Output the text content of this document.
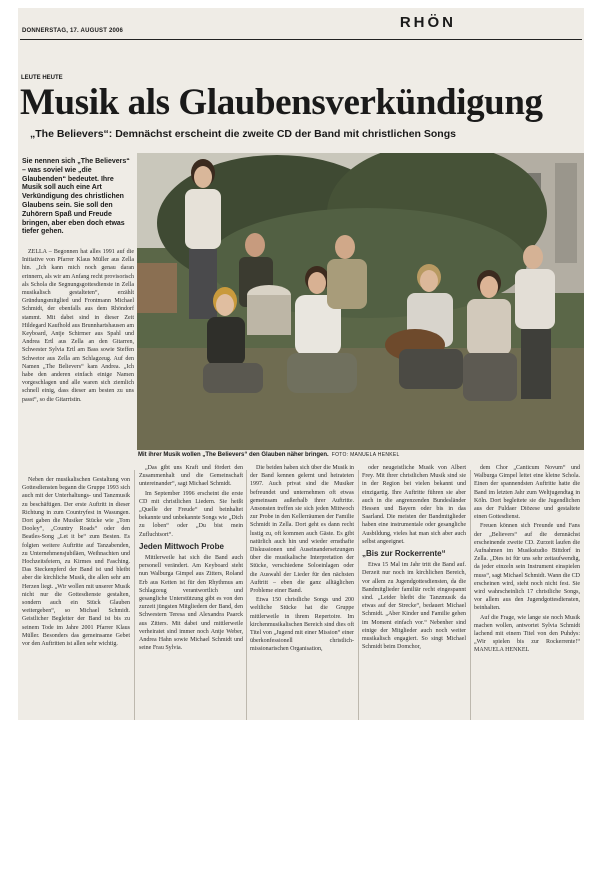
DONNERSTAG, 17. AUGUST 2006	RHÖN
LEUTE HEUTE
Musik als Glaubensverkündigung
„The Believers“: Demnächst erscheint die zweite CD der Band mit christlichen Songs
Sie nennen sich „The Believers“ – was soviel wie „die Glaubenden“ bedeutet. Ihre Musik soll auch eine Art Verkündigung des christlichen Glaubens sein. Sie soll den Zuhörern Spaß und Freude bringen, aber eben doch etwas tiefer gehen.

ZELLA – Begonnen hat alles 1991 auf die Initiative von Pfarrer Klaus Müller aus Zella hin. „Ich kann mich noch genau daran erinnern, als wir am Anfang recht provisorisch als Schola die Segnungsgottesdienste in Zella musikalisch gestalteten“, erzählt Gründungsmitglied und Frontmann Michael Schmidt, der ebenfalls aus dem Rhöndorf stammt. Mit dabei sind in dieser Zeit Hildegard Kaufhold aus Brunnhartshausen am Keyboard, Antje Schirmer aus Spahl und Andrea Ertl aus Zella an den Gitarren, Schwester Sylvia Ertl am Bass sowie Steffen Schwetor aus Zella am Schlagzeug. Auf den Namen „The Believers“ kam Andrea. „Ich habe den anderen einfach einige Namen vorgeschlagen und alle waren sich ziemlich schnell einig, dass dieser am besten zu uns passt“, so die Gitarristin.

Mit ihrer Musik wollen „The Believers“ den Glauben näher bringen. FOTO: MANUELA HENKEL

Neben der musikalischen Gestaltung von Gottesdiensten begann die Gruppe 1993 sich auch mit der Unterhaltungs- und Tanzmusik zu beschäftigen. Der erste Auftritt in dieser Richtung in zum Countryfest in Wasungen. Dort gaben die Musiker Stücke wie „Tom Dooley“, „Country Roads“ oder den Beatles-Song „Let it be“ zum Besten. Es folgten weitere Auftritte auf Tanzabenden, zu Unternehmensjubiläen, Weihnachten und Hochzeitsfeiern, zu Kirmes und Fasching. Das Steckenpferd der Band ist und bleibt aber die kirchliche Musik, die allen sehr am Herzen liegt. „Wir wollen mit unserer Musik nicht nur die Gottesdienste gestalten, sondern auch ein Stück Glauben weitergeben“, so Michael Schmidt. Geistlicher Begleiter der Band ist bis zu seinem Tode im Jahre 2001 Pfarrer Klaus Müller. Besonders das gemeinsame Gebet vor den Auftritten ist allen sehr wichtig.

„Das gibt uns Kraft und fördert den Zusammenhalt und die Gemeinschaft untereinander“, sagt Michael Schmidt.

Im September 1996 erscheint die erste CD mit christlichen Liedern. Sie heißt „Quelle der Freude“ und beinhaltet bekannte und unbekannte Songs wie „Dich zu loben“ oder „Du bist mein Zufluchtsort“.

Jeden Mittwoch Probe

Mittlerweile hat sich die Band auch personell verändert. Am Keyboard steht nun Walburga Gimpel aus Zitters, Roland Erb aus Ketten ist für den Rhythmus am Schlagzeug verantwortlich und gesangliche Unterstützung gibt es von den zurzeit jüngsten Mitgliedern der Band, den Schwestern Teresa und Alexandra Paarck aus Zitters. Mit dabei und mittlerweile verheiratet sind immer noch Antje Weber, Andrea Hahn sowie Michael Schmidt und seine Frau Sylvia.

Die beiden haben sich über die Musik in der Band kennen gelernt und heirateten 1997. Auch privat sind die Musiker befreundet und unternehmen oft etwas gemeinsam außerhalb ihrer Auftritte. Ansonsten treffen sie sich jeden Mittwoch zur Probe in den Kellerräumen der Familie Schmidt in Zella. Dort geht es dann recht lustig zu, oft kommen auch Gäste. Es gibt natürlich auch hin und wieder ernsthafte Diskussionen und Auseinandersetzungen über die musikalische Interpretation der Stücke, verschiedene Soloeinlagen oder die Auswahl der Lieder für den nächsten Auftritt – eben die ganz alltäglichen Probleme einer Band.

Etwa 150 christliche Songs und 200 weltliche Stücke hat die Gruppe mittlerweile in ihrem Repertoire. Im kirchenmusikalischen Bereich sind dies oft Titel von „Jugend mit einer Mission“ einer überkonfessionell christlich-missionarischen Organisation,

oder neugeistliche Musik von Albert Frey. Mit ihrer christlichen Musik sind sie in der Region bei vielen bekannt und einzigartig. Ihre Auftritte führen sie aber auch in die angrenzenden Bundesländer Hessen und Bayern oder bis in das Saarland. Die meisten der Bandmitglieder haben eine instrumentale oder gesangliche Ausbildung, vieles hat man sich aber auch selbst angeeignet.

„Bis zur Rockerrente“

Etwa 15 Mal im Jahr tritt die Band auf. Derzeit nur noch im kirchlichen Bereich, vor allem zu Jugendgottesdiensten, da die Bandmitglieder familiär recht eingespannt sind. „Leider bleibt die Tanzmusik da etwas auf der Strecke“, bedauert Michael Schmidt. „Aber Kinder und Familie gehen im Moment einfach vor.“ Nebenher sind einige der Mitglieder auch noch weiter musikalisch engagiert. So singt Michael Schmidt beim Domchor,

dem Chor „Canticum Novum“ und Walburga Gimpel leitet eine kleine Schola. Einen der spannendsten Auftritte hatte die Band im letzten Jahr zum Weltjugendtag in Köln. Dort begleitete sie die Jugendlichen aus der Fuldaer Diözese und gestaltete einen Gottesdienst.

Freuen können sich Freunde und Fans der „Believers“ auf die demnächst erscheinende zweite CD. Zurzeit laufen die Aufnahmen im Musikstudio Bittdorf in Zella. „Dies ist für uns sehr zeitaufwendig, da jeder einzeln sein Instrument einspielen muss“, sagt Michael Schmidt. Wann die CD erscheinen wird, steht noch nicht fest. Sie wird wahrscheinlich 17 christliche Songs, vor allem aus den Jugendgottesdiensten, beinhalten.

Auf die Frage, wie lange sie noch Musik machen wollen, antwortet Sylvia Schmidt lachend mit einem Titel von den Puhdys: „Wir spielen bis zur Rockerrente!“ MANUELA HENKEL
